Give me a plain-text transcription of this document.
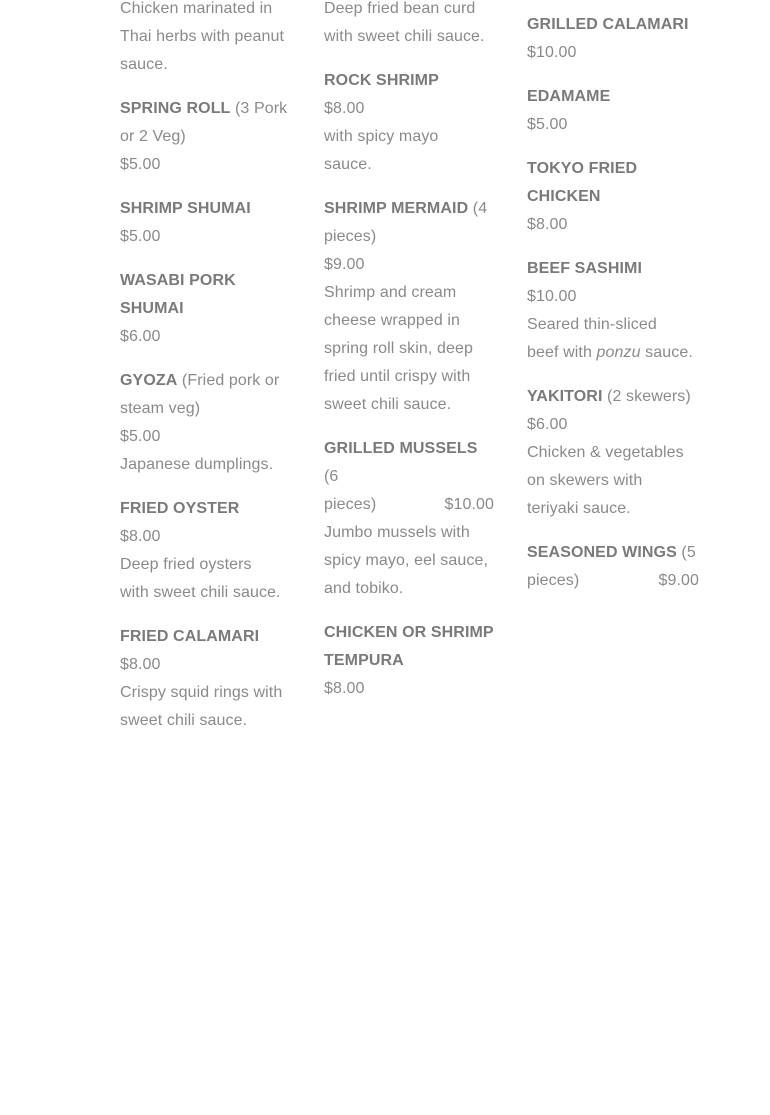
Chicken marinated in
Thai herbs with peanut
sauce.
SPRING ROLL (3 Pork
or 2 Veg)
$5.00
SHRIMP SHUMAI
$5.00
WASABI PORK
SHUMAI
$6.00
GYOZA (Fried pork or
steam veg)
$5.00
Japanese dumplings.
FRIED OYSTER
$8.00
Deep fried oysters
with sweet chili sauce.
FRIED CALAMARI
$8.00
Crispy squid rings with
sweet chili sauce.
Deep fried bean curd
with sweet chili sauce.
ROCK SHRIMP
$8.00
with spicy mayo
sauce.
SHRIMP MERMAID (4
pieces)
$9.00
Shrimp and cream
cheese wrapped in
spring roll skin, deep
fried until crispy with
sweet chili sauce.
GRILLED MUSSELS (6
pieces)	$10.00
Jumbo mussels with
spicy mayo, eel sauce,
and tobiko.
CHICKEN OR SHRIMP
TEMPURA
$8.00
GRILLED CALAMARI
$10.00
EDAMAME
$5.00
TOKYO FRIED
CHICKEN
$8.00
BEEF SASHIMI
$10.00
Seared thin-sliced
beef with ponzu sauce.
YAKITORI (2 skewers)
$6.00
Chicken & vegetables
on skewers with
teriyaki sauce.
SEASONED WINGS (5
pieces)	$9.00
